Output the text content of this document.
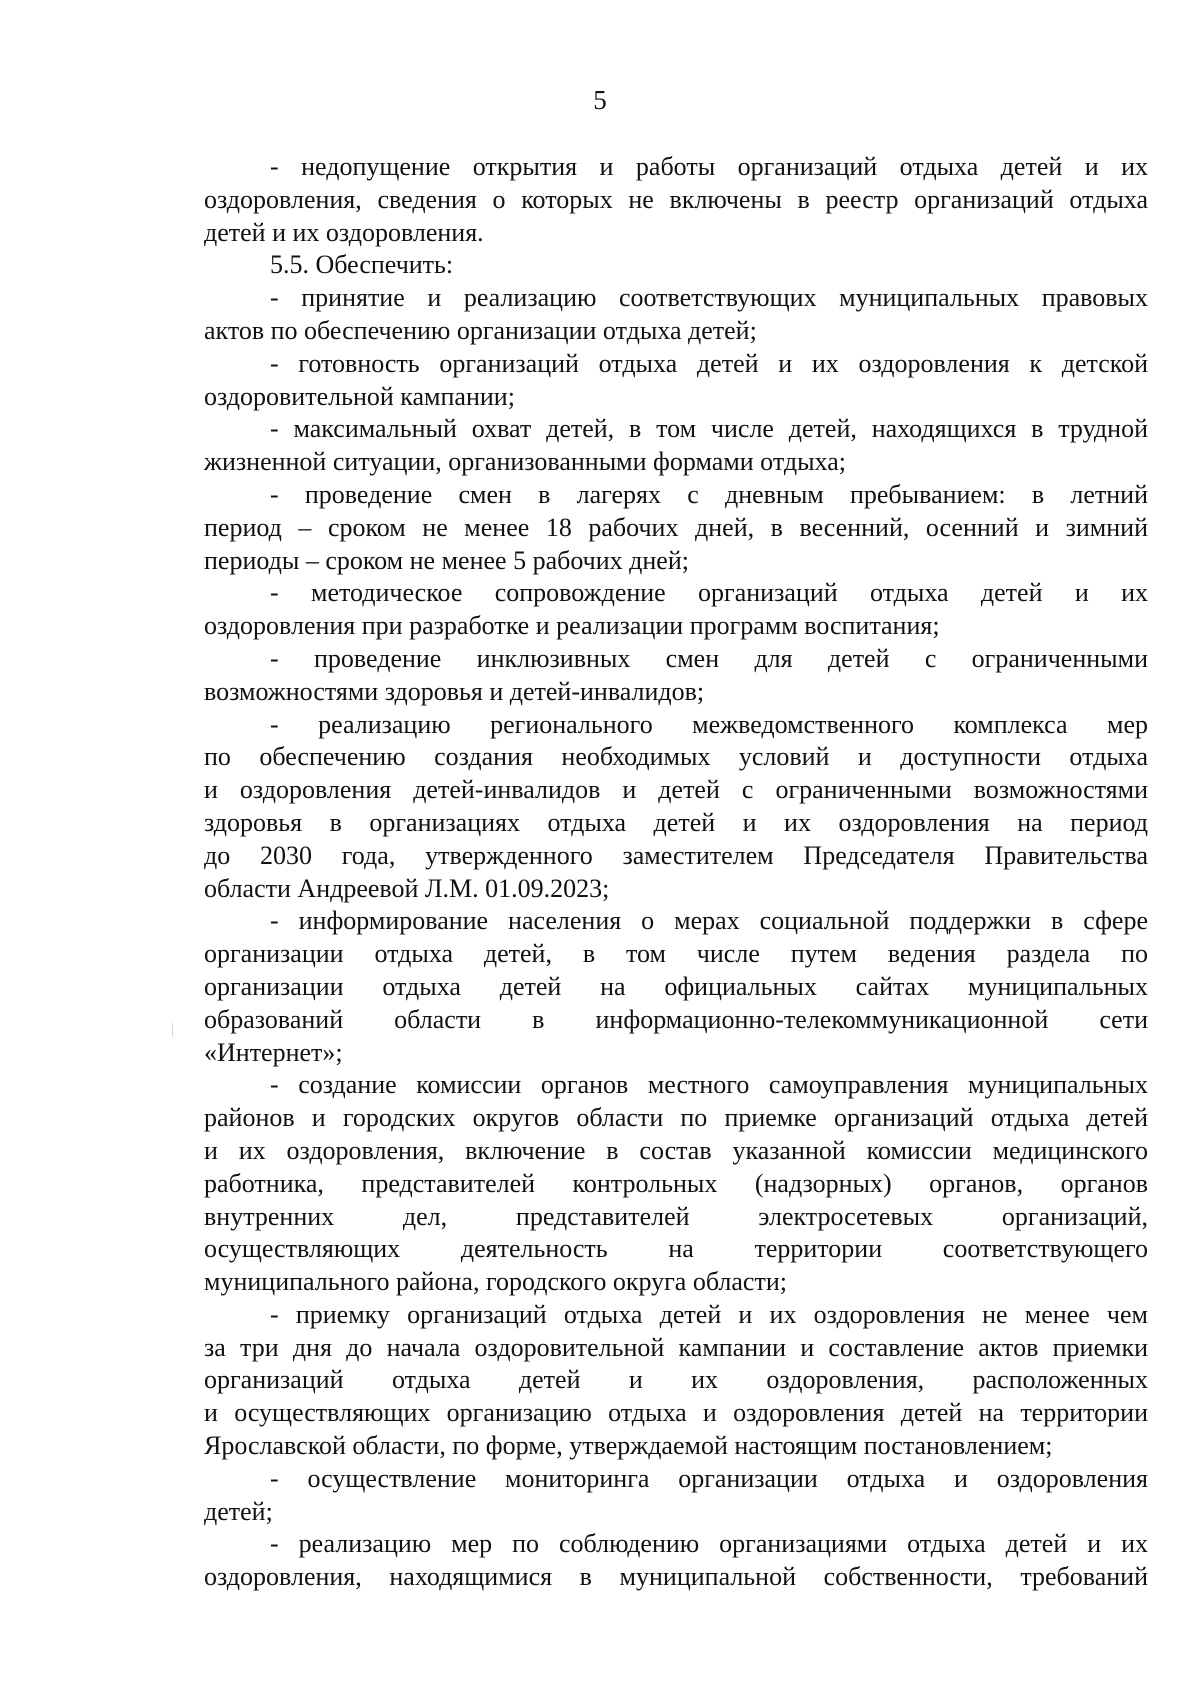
5
- недопущение открытия и работы организаций отдыха детей и их
оздоровления, сведения о которых не включены в реестр организаций отдыха
детей и их оздоровления.
5.5. Обеспечить:
- принятие и реализацию соответствующих муниципальных правовых
актов по обеспечению организации отдыха детей;
- готовность организаций отдыха детей и их оздоровления к детской
оздоровительной кампании;
- максимальный охват детей, в том числе детей, находящихся в трудной
жизненной ситуации, организованными формами отдыха;
- проведение смен в лагерях с дневным пребыванием: в летний
период – сроком не менее 18 рабочих дней, в весенний, осенний и зимний
периоды – сроком не менее 5 рабочих дней;
- методическое сопровождение организаций отдыха детей и их
оздоровления при разработке и реализации программ воспитания;
- проведение инклюзивных смен для детей с ограниченными
возможностями здоровья и детей-инвалидов;
- реализацию регионального межведомственного комплекса мер
по обеспечению создания необходимых условий и доступности отдыха
и оздоровления детей-инвалидов и детей с ограниченными возможностями
здоровья в организациях отдыха детей и их оздоровления на период
до 2030 года, утвержденного заместителем Председателя Правительства
области Андреевой Л.М. 01.09.2023;
- информирование населения о мерах социальной поддержки в сфере
организации отдыха детей, в том числе путем ведения раздела по
организации отдыха детей на официальных сайтах муниципальных
образований области в информационно-телекоммуникационной сети
«Интернет»;
- создание комиссии органов местного самоуправления муниципальных
районов и городских округов области по приемке организаций отдыха детей
и их оздоровления, включение в состав указанной комиссии медицинского
работника, представителей контрольных (надзорных) органов, органов
внутренних дел, представителей электросетевых организаций,
осуществляющих деятельность на территории соответствующего
муниципального района, городского округа области;
- приемку организаций отдыха детей и их оздоровления не менее чем
за три дня до начала оздоровительной кампании и составление актов приемки
организаций отдыха детей и их оздоровления, расположенных
и осуществляющих организацию отдыха и оздоровления детей на территории
Ярославской области, по форме, утверждаемой настоящим постановлением;
- осуществление мониторинга организации отдыха и оздоровления
детей;
- реализацию мер по соблюдению организациями отдыха детей и их
оздоровления, находящимися в муниципальной собственности, требований
